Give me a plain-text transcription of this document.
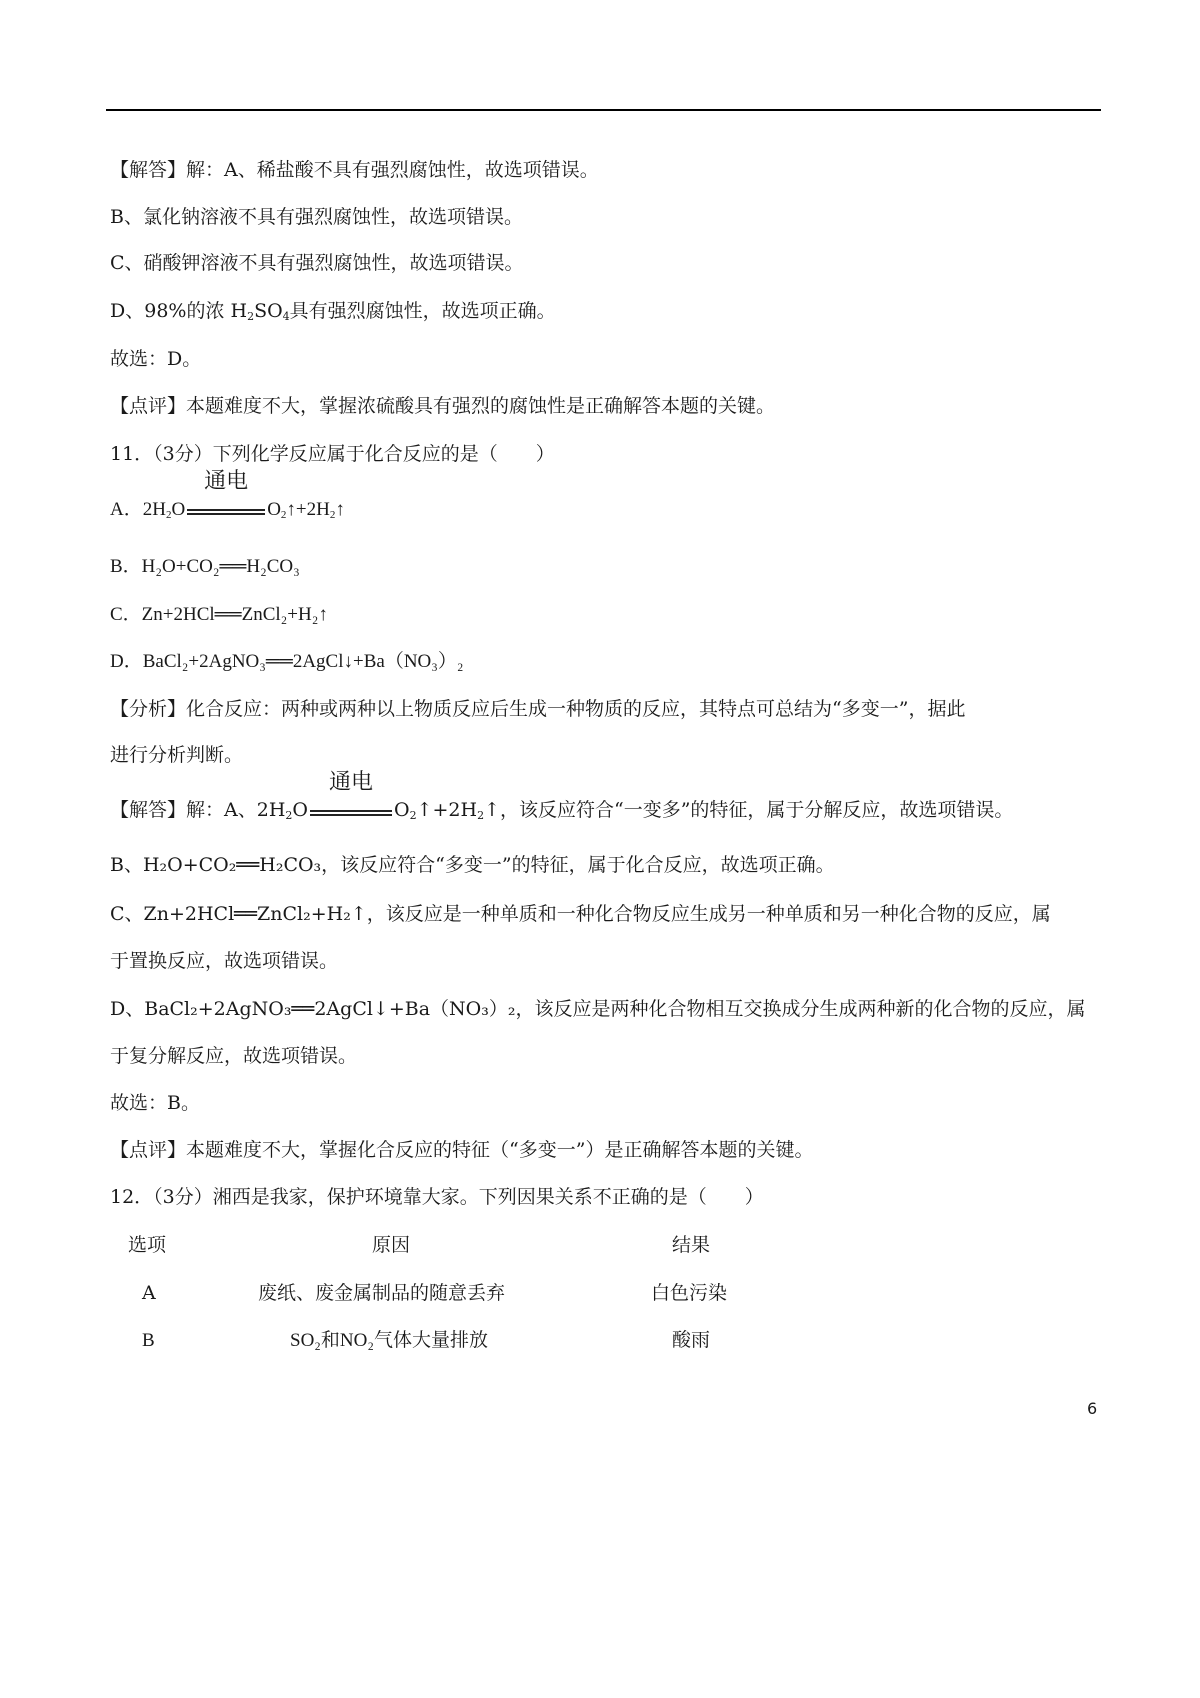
【解答】解：A、稀盐酸不具有强烈腐蚀性，故选项错误。
B、氯化钠溶液不具有强烈腐蚀性，故选项错误。
C、硝酸钾溶液不具有强烈腐蚀性，故选项错误。
D、98%的浓 $H_2SO_4$具有强烈腐蚀性，故选项正确。
故选：D。
【点评】本题难度不大，掌握浓硫酸具有强烈的腐蚀性是正确解答本题的关键。
11．（3分）下列化学反应属于化合反应的是（　　）
A．$2H_2O$
通电
$O_2↑+2H_2↑$
B．H₂O+CO₂══H₂CO₃
C．Zn+2HCl══ZnCl₂+H₂↑
D．BaCl₂+2AgNO₃══2AgCl↓+Ba（NO₃）₂
【分析】化合反应：两种或两种以上物质反应后生成一种物质的反应，其特点可总结为“多变一”，据此
进行分析判断。
【解答】解：A、$2H_2O$
通电
$O_2↑+2H_2↑$，该反应符合“一变多”的特征，属于分解反应，故选项错误。
B、H₂O+CO₂══H₂CO₃，该反应符合“多变一”的特征，属于化合反应，故选项正确。
C、Zn+2HCl══ZnCl₂+H₂↑，该反应是一种单质和一种化合物反应生成另一种单质和另一种化合物的反应，属
于置换反应，故选项错误。
D、BaCl₂+2AgNO₃══2AgCl↓+Ba（NO₃）₂，该反应是两种化合物相互交换成分生成两种新的化合物的反应，属
于复分解反应，故选项错误。
故选：B。
【点评】本题难度不大，掌握化合反应的特征（“多变一”）是正确解答本题的关键。
12．（3分）湘西是我家，保护环境靠大家。下列因果关系不正确的是（　　）
选项	原因	结果
A	废纸、废金属制品的随意丢弃	白色污染
B	SO₂和NO₂气体大量排放	酸雨
6
